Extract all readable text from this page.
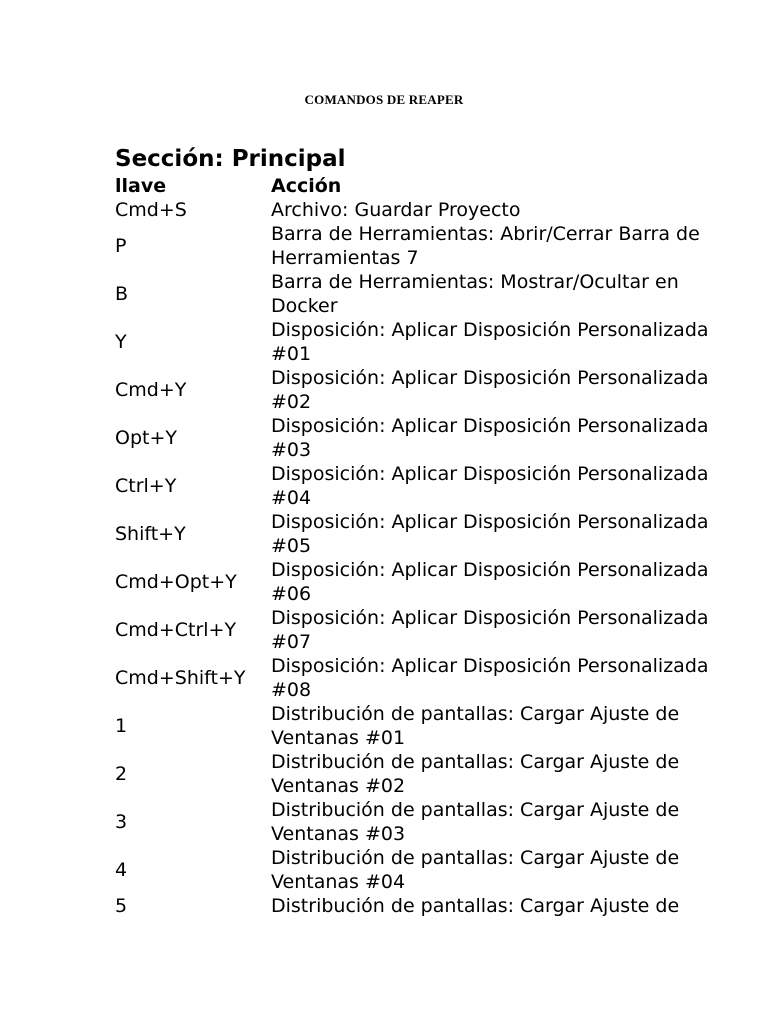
COMANDOS DE REAPER
Sección: Principal
llave	Acción
Cmd+S	Archivo: Guardar Proyecto
P	Barra de Herramientas: Abrir/Cerrar Barra de Herramientas 7
B	Barra de Herramientas: Mostrar/Ocultar en Docker
Y	Disposición: Aplicar Disposición Personalizada #01
Cmd+Y	Disposición: Aplicar Disposición Personalizada #02
Opt+Y	Disposición: Aplicar Disposición Personalizada #03
Ctrl+Y	Disposición: Aplicar Disposición Personalizada #04
Shift+Y	Disposición: Aplicar Disposición Personalizada #05
Cmd+Opt+Y	Disposición: Aplicar Disposición Personalizada #06
Cmd+Ctrl+Y	Disposición: Aplicar Disposición Personalizada #07
Cmd+Shift+Y	Disposición: Aplicar Disposición Personalizada #08
1	Distribución de pantallas: Cargar Ajuste de Ventanas #01
2	Distribución de pantallas: Cargar Ajuste de Ventanas #02
3	Distribución de pantallas: Cargar Ajuste de Ventanas #03
4	Distribución de pantallas: Cargar Ajuste de Ventanas #04
5	Distribución de pantallas: Cargar Ajuste de
